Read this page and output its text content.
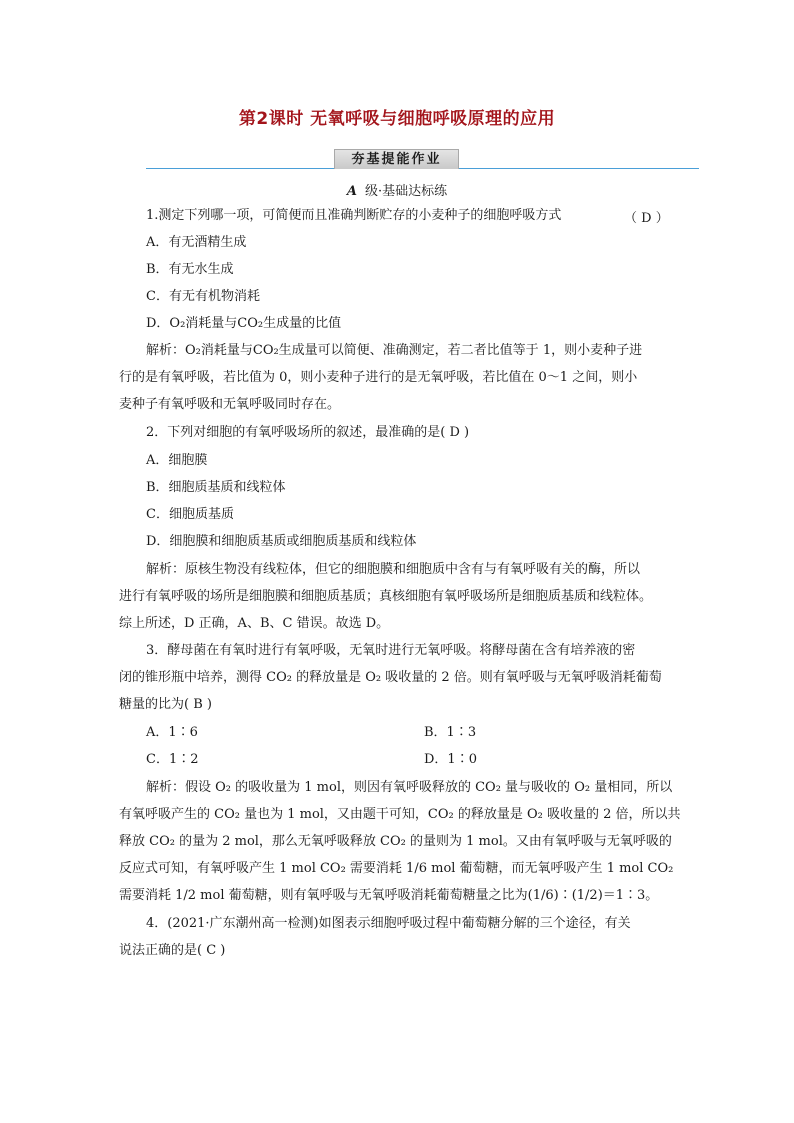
第2课时 无氧呼吸与细胞呼吸原理的应用
夯基提能作业
A 级·基础达标练
1.测定下列哪一项，可简便而且准确判断贮存的小麦种子的细胞呼吸方式	（ D ）
A．有无酒精生成
B．有无水生成
C．有无有机物消耗
D．O₂消耗量与CO₂生成量的比值
解析：O₂消耗量与CO₂生成量可以简便、准确测定，若二者比值等于 1，则小麦种子进
行的是有氧呼吸，若比值为 0，则小麦种子进行的是无氧呼吸，若比值在 0～1 之间，则小
麦种子有氧呼吸和无氧呼吸同时存在。
2．下列对细胞的有氧呼吸场所的叙述，最准确的是( D )
A．细胞膜
B．细胞质基质和线粒体
C．细胞质基质
D．细胞膜和细胞质基质或细胞质基质和线粒体
解析：原核生物没有线粒体，但它的细胞膜和细胞质中含有与有氧呼吸有关的酶，所以
进行有氧呼吸的场所是细胞膜和细胞质基质；真核细胞有氧呼吸场所是细胞质基质和线粒体。
综上所述，D 正确，A、B、C 错误。故选 D。
3．酵母菌在有氧时进行有氧呼吸，无氧时进行无氧呼吸。将酵母菌在含有培养液的密
闭的锥形瓶中培养，测得 CO₂ 的释放量是 O₂ 吸收量的 2 倍。则有氧呼吸与无氧呼吸消耗葡萄
糖量的比为( B )
A．1∶6	B．1∶3
C．1∶2	D．1∶0
解析：假设 O₂ 的吸收量为 1 mol，则因有氧呼吸释放的 CO₂ 量与吸收的 O₂ 量相同，所以
有氧呼吸产生的 CO₂ 量也为 1 mol，又由题干可知，CO₂ 的释放量是 O₂ 吸收量的 2 倍，所以共
释放 CO₂ 的量为 2 mol，那么无氧呼吸释放 CO₂ 的量则为 1 mol。又由有氧呼吸与无氧呼吸的
反应式可知，有氧呼吸产生 1 mol CO₂ 需要消耗 1/6 mol 葡萄糖，而无氧呼吸产生 1 mol CO₂
需要消耗 1/2 mol 葡萄糖，则有氧呼吸与无氧呼吸消耗葡萄糖量之比为(1/6)∶(1/2)＝1∶3。
4．(2021·广东潮州高一检测)如图表示细胞呼吸过程中葡萄糖分解的三个途径，有关
说法正确的是( C )
